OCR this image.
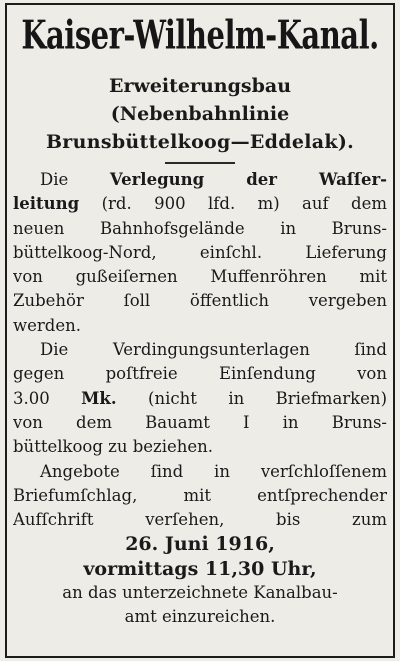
Kaiser-Wilhelm-Kanal.
Erweiterungsbau
(Nebenbahnlinie
Brunsbüttelkoog—Eddelak).
Die Verlegung der Waſſer-
leitung (rd. 900 lfd. m) auf dem
neuen Bahnhofsgelände in Bruns-
büttelkoog-Nord, einſchl. Lieferung
von gußeiſernen Muffenröhren mit
Zubehör ſoll öffentlich vergeben
werden.
Die Verdingungsunterlagen ſind
gegen poſtfreie Einſendung von
3.00 Mk. (nicht in Briefmarken)
von dem Bauamt I in Bruns-
büttelkoog zu beziehen.
Angebote ſind in verſchloſſenem
Briefumſchlag, mit entſprechender
Aufſchrift verſehen, bis zum
26. Juni 1916,
vormittags 11,30 Uhr,
an das unterzeichnete Kanalbau-
amt einzureichen.
